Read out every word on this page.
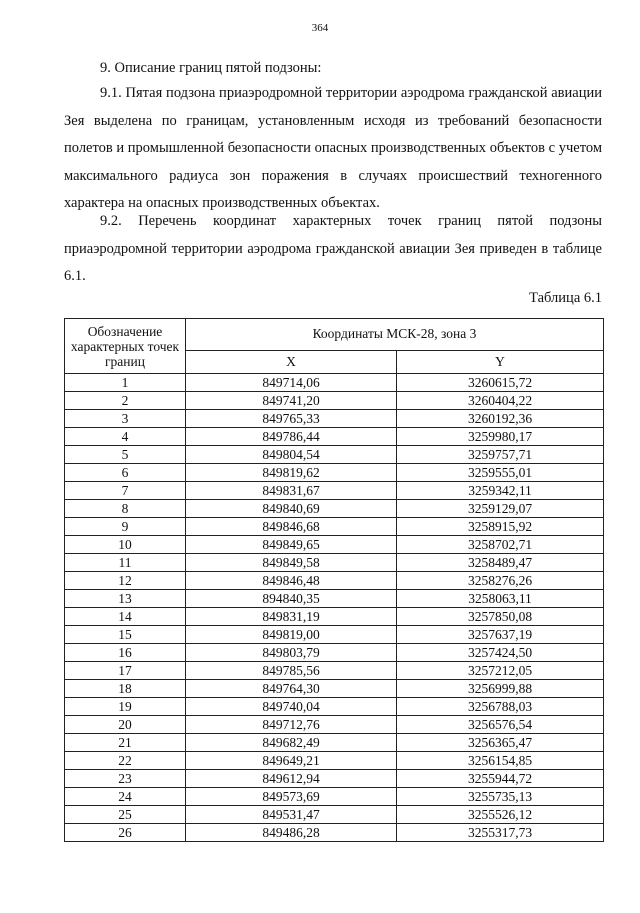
364

9. Описание границ пятой подзоны:

9.1. Пятая подзона приаэродромной территории аэродрома гражданской авиации Зея выделена по границам, установленным исходя из требований безопасности полетов и промышленной безопасности опасных производственных объектов с учетом максимального радиуса зон поражения в случаях происшествий техногенного характера на опасных производственных объектах.

9.2. Перечень координат характерных точек границ пятой подзоны приаэродромной территории аэродрома гражданской авиации Зея приведен в таблице 6.1.

Таблица 6.1
Обозначение характерных точек границ	Координаты МСК-28, зона 3	
	X	Y
1	849714,06	3260615,72
2	849741,20	3260404,22
3	849765,33	3260192,36
4	849786,44	3259980,17
5	849804,54	3259757,71
6	849819,62	3259555,01
7	849831,67	3259342,11
8	849840,69	3259129,07
9	849846,68	3258915,92
10	849849,65	3258702,71
11	849849,58	3258489,47
12	849846,48	3258276,26
13	894840,35	3258063,11
14	849831,19	3257850,08
15	849819,00	3257637,19
16	849803,79	3257424,50
17	849785,56	3257212,05
18	849764,30	3256999,88
19	849740,04	3256788,03
20	849712,76	3256576,54
21	849682,49	3256365,47
22	849649,21	3256154,85
23	849612,94	3255944,72
24	849573,69	3255735,13
25	849531,47	3255526,12
26	849486,28	3255317,73
